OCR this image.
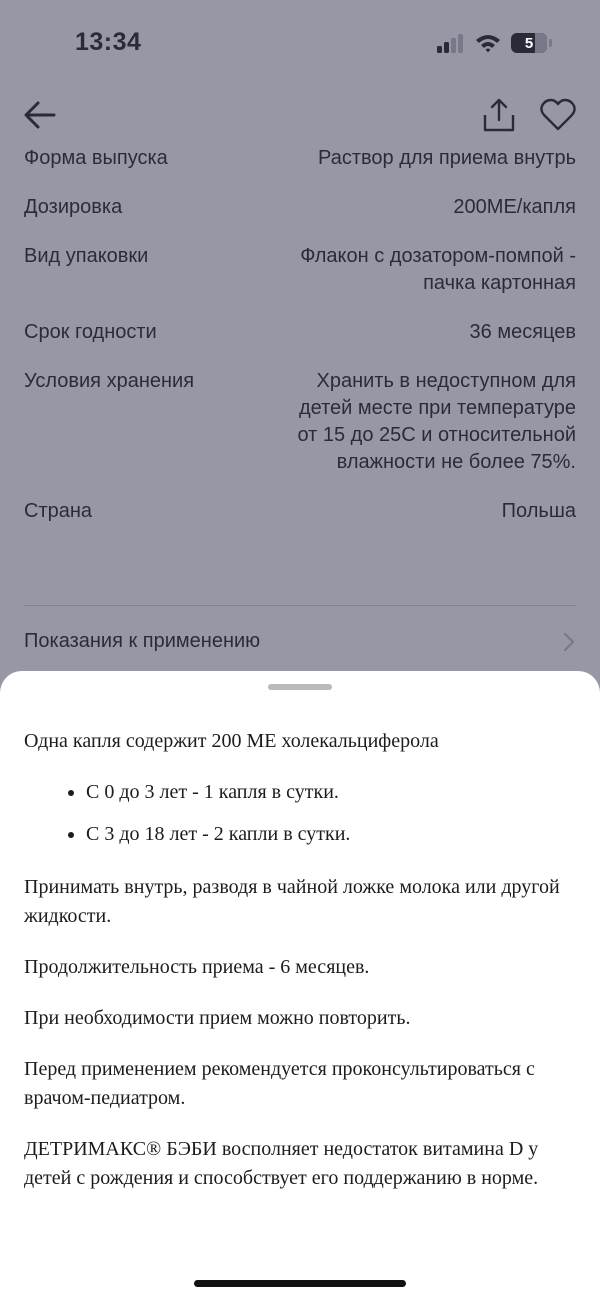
5

Одна капля содержит 200 МЕ холекальциферола

• С 0 до 3 лет - 1 капля в сутки.
• С 3 до 18 лет - 2 капли в сутки.

Принимать внутрь, разводя в чайной ложке молока или другой жидкости.

Продолжительность приема - 6 месяцев.

При необходимости прием можно повторить.

Перед применением рекомендуется проконсультироваться с врачом-педиатром.

ДЕТРИМАКС® БЭБИ восполняет недостаток витамина D у детей с рождения и способствует его поддержанию в норме.
